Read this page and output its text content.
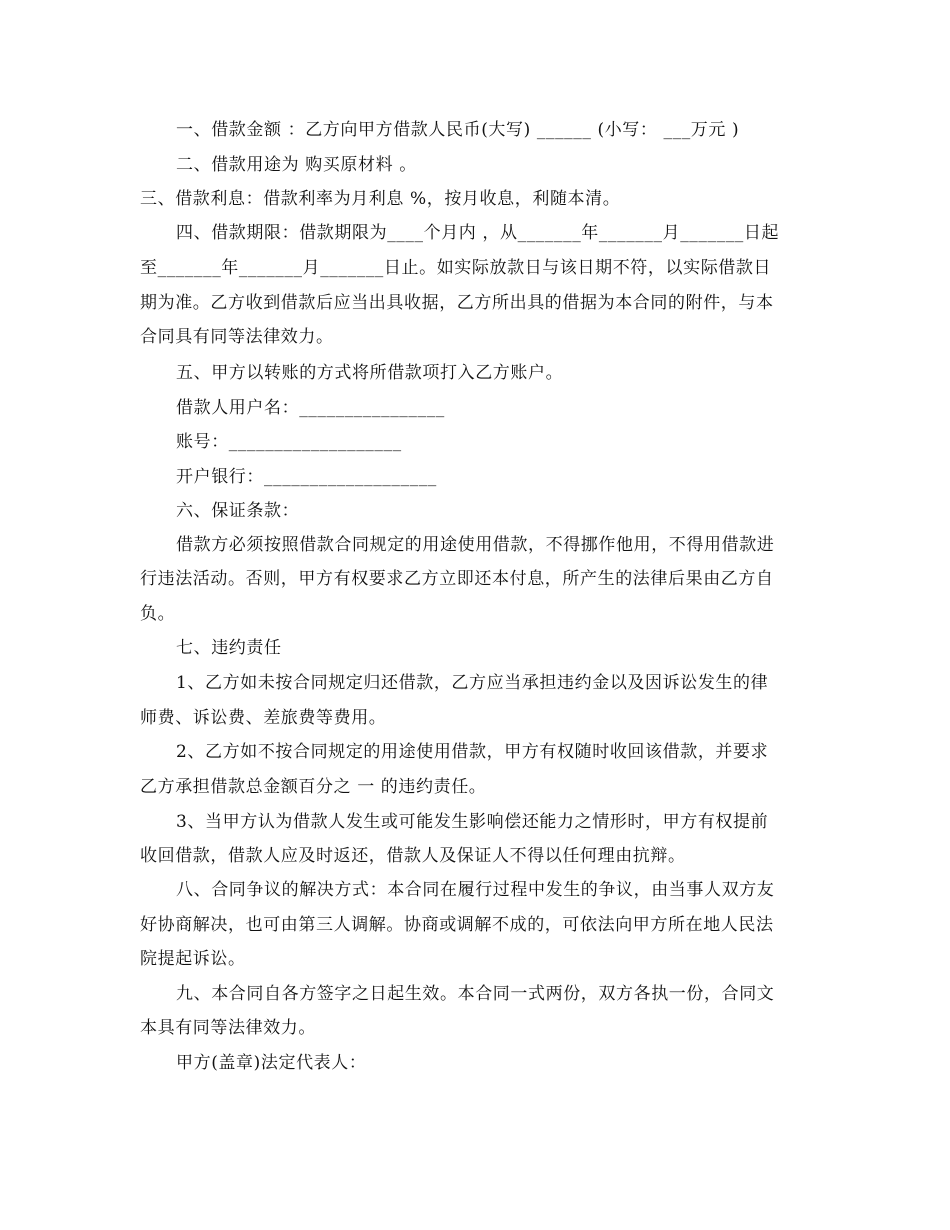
一、借款金额 ：乙方向甲方借款人民币(大写) ______ (小写： ___万元 )
二、借款用途为 购买原材料 。
三、借款利息：借款利率为月利息 %，按月收息，利随本清。
四、借款期限：借款期限为____个月内 ，从_______年_______月_______日起
至_______年_______月_______日止。如实际放款日与该日期不符，以实际借款日
期为准。乙方收到借款后应当出具收据，乙方所出具的借据为本合同的附件，与本
合同具有同等法律效力。
五、甲方以转账的方式将所借款项打入乙方账户。
借款人用户名：________________
账号：___________________
开户银行：___________________
六、保证条款：
借款方必须按照借款合同规定的用途使用借款，不得挪作他用，不得用借款进
行违法活动。否则，甲方有权要求乙方立即还本付息，所产生的法律后果由乙方自
负。
七、违约责任
1、乙方如未按合同规定归还借款，乙方应当承担违约金以及因诉讼发生的律
师费、诉讼费、差旅费等费用。
2、乙方如不按合同规定的用途使用借款，甲方有权随时收回该借款，并要求
乙方承担借款总金额百分之 一 的违约责任。
3、当甲方认为借款人发生或可能发生影响偿还能力之情形时，甲方有权提前
收回借款，借款人应及时返还，借款人及保证人不得以任何理由抗辩。
八、合同争议的解决方式：本合同在履行过程中发生的争议，由当事人双方友
好协商解决，也可由第三人调解。协商或调解不成的，可依法向甲方所在地人民法
院提起诉讼。
九、本合同自各方签字之日起生效。本合同一式两份，双方各执一份，合同文
本具有同等法律效力。
甲方(盖章)法定代表人：
